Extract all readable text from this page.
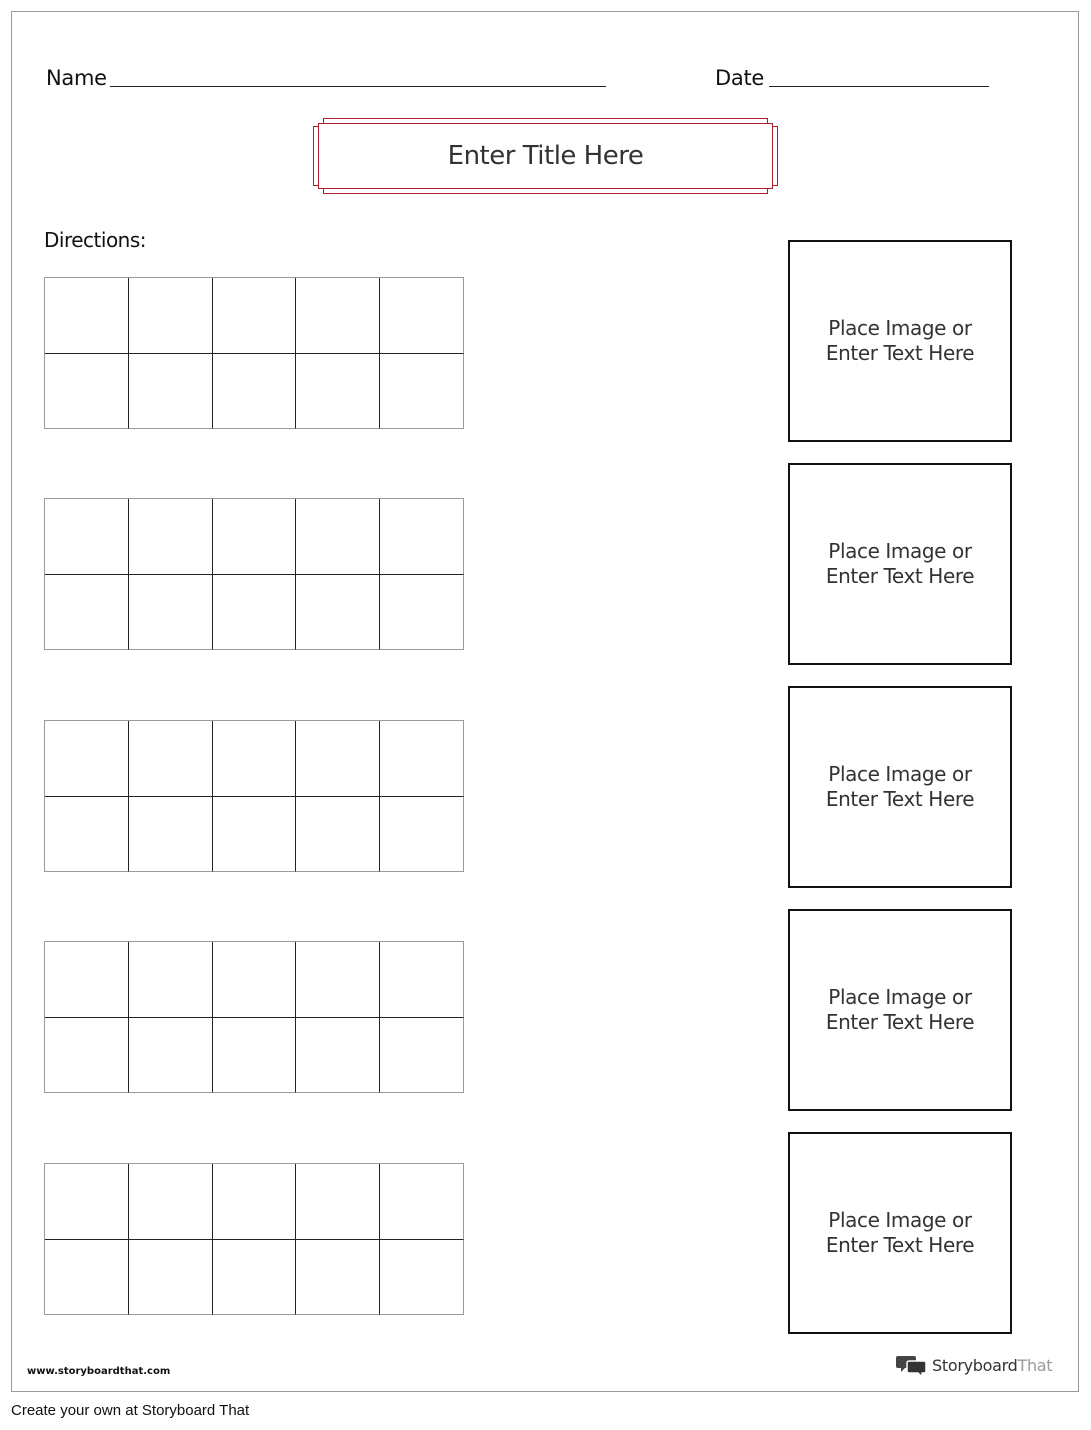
Name	Date
Enter Title Here
Directions:
Place Image or
Enter Text Here
Place Image or
Enter Text Here
Place Image or
Enter Text Here
Place Image or
Enter Text Here
Place Image or
Enter Text Here
www.storyboardthat.com	StoryboardThat
Create your own at Storyboard That
